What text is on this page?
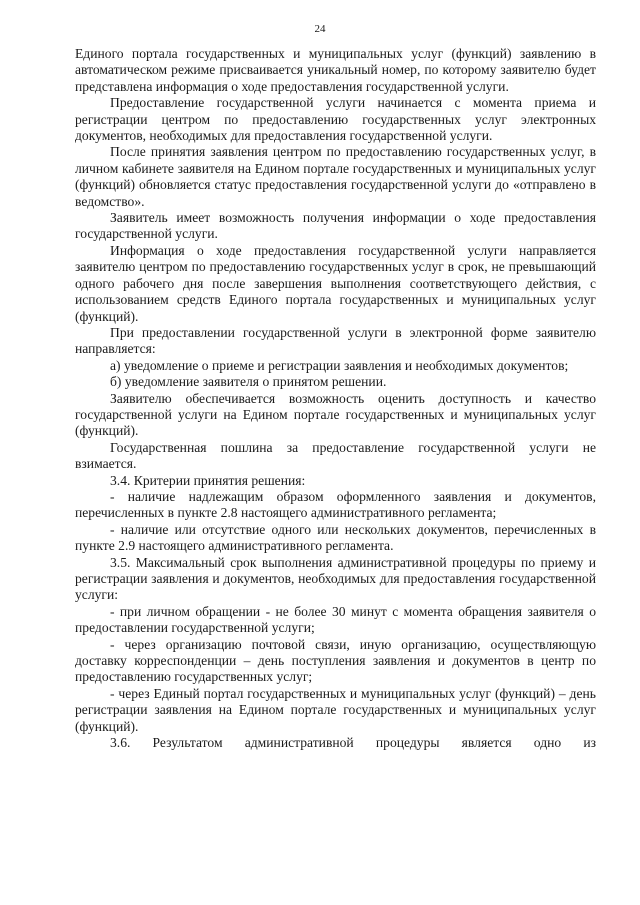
24

Единого портала государственных и муниципальных услуг (функций) заявлению в автоматическом режиме присваивается уникальный номер, по которому заявителю будет представлена информация о ходе предоставления государственной услуги.

Предоставление государственной услуги начинается с момента приема и регистрации центром по предоставлению государственных услуг электронных документов, необходимых для предоставления государственной услуги.

После принятия заявления центром по предоставлению государственных услуг, в личном кабинете заявителя на Едином портале государственных и муниципальных услуг (функций) обновляется статус предоставления государственной услуги до «отправлено в ведомство».

Заявитель имеет возможность получения информации о ходе предоставления государственной услуги.

Информация о ходе предоставления государственной услуги направляется заявителю центром по предоставлению государственных услуг в срок, не превышающий одного рабочего дня после завершения выполнения соответствующего действия, с использованием средств Единого портала государственных и муниципальных услуг (функций).

При предоставлении государственной услуги в электронной форме заявителю направляется:

а) уведомление о приеме и регистрации заявления и необходимых документов;

б) уведомление заявителя о принятом решении.

Заявителю обеспечивается возможность оценить доступность и качество государственной услуги на Едином портале государственных и муниципальных услуг (функций).

Государственная пошлина за предоставление государственной услуги не взимается.

3.4. Критерии принятия решения:

- наличие надлежащим образом оформленного заявления и документов, перечисленных в пункте 2.8 настоящего административного регламента;

- наличие или отсутствие одного или нескольких документов, перечисленных в пункте 2.9 настоящего административного регламента.

3.5. Максимальный срок выполнения административной процедуры по приему и регистрации заявления и документов, необходимых для предоставления государственной услуги:

- при личном обращении - не более 30 минут с момента обращения заявителя о предоставлении государственной услуги;

- через организацию почтовой связи, иную организацию, осуществляющую доставку корреспонденции – день поступления заявления и документов в центр по предоставлению государственных услуг;

- через Единый портал государственных и муниципальных услуг (функций) – день регистрации заявления на Едином портале государственных и муниципальных услуг (функций).

3.6. Результатом административной процедуры является одно из
